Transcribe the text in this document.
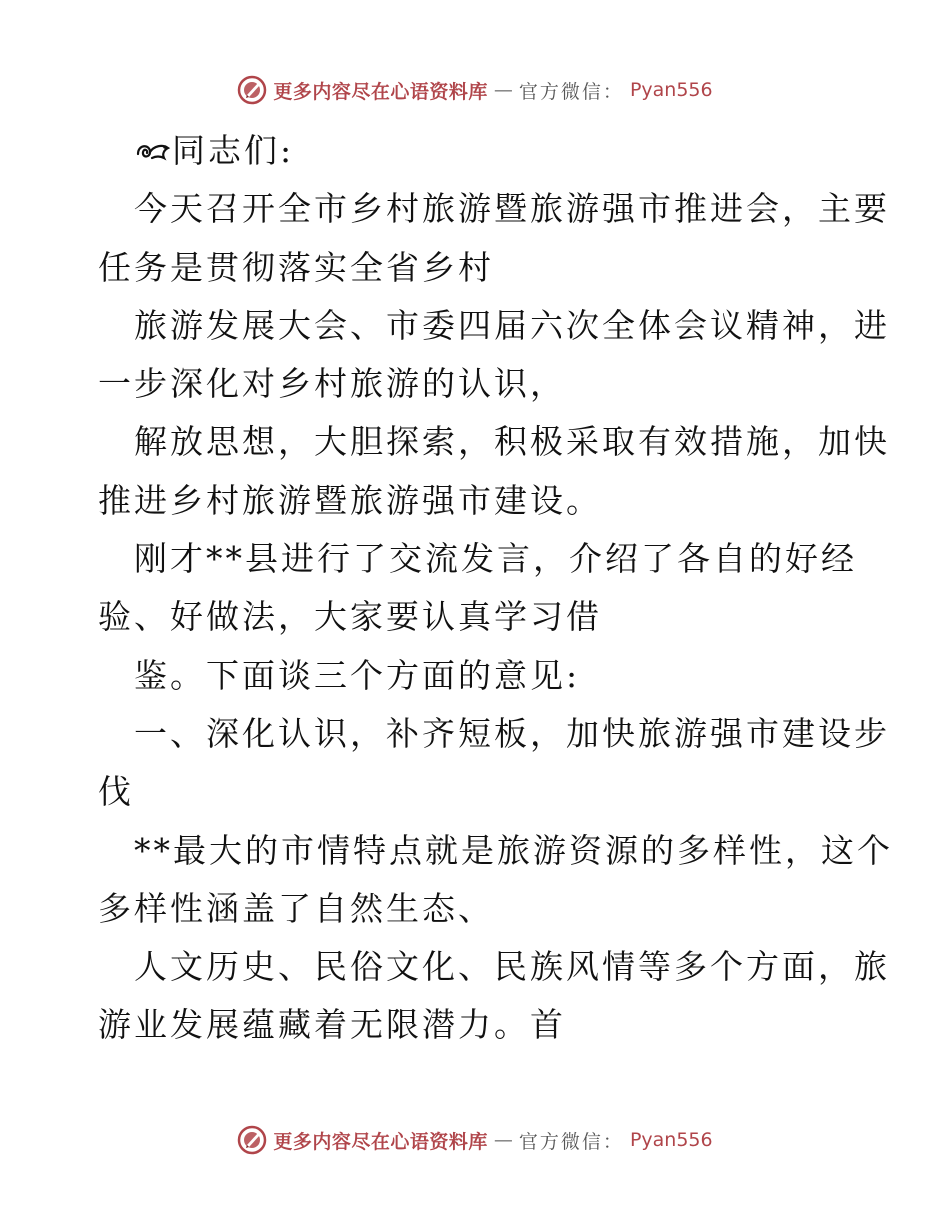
更多内容尽在心语资料库 — 官方微信： Pyan556
同志们:
今天召开全市乡村旅游暨旅游强市推进会，主要
任务是贯彻落实全省乡村
旅游发展大会、市委四届六次全体会议精神，进
一步深化对乡村旅游的认识，
解放思想，大胆探索，积极采取有效措施，加快
推进乡村旅游暨旅游强市建设。
刚才**县进行了交流发言，介绍了各自的好经
验、好做法，大家要认真学习借
鉴。下面谈三个方面的意见:
一、深化认识，补齐短板，加快旅游强市建设步
伐
**最大的市情特点就是旅游资源的多样性，这个
多样性涵盖了自然生态、
人文历史、民俗文化、民族风情等多个方面，旅
游业发展蕴藏着无限潜力。首
更多内容尽在心语资料库 — 官方微信： Pyan556
